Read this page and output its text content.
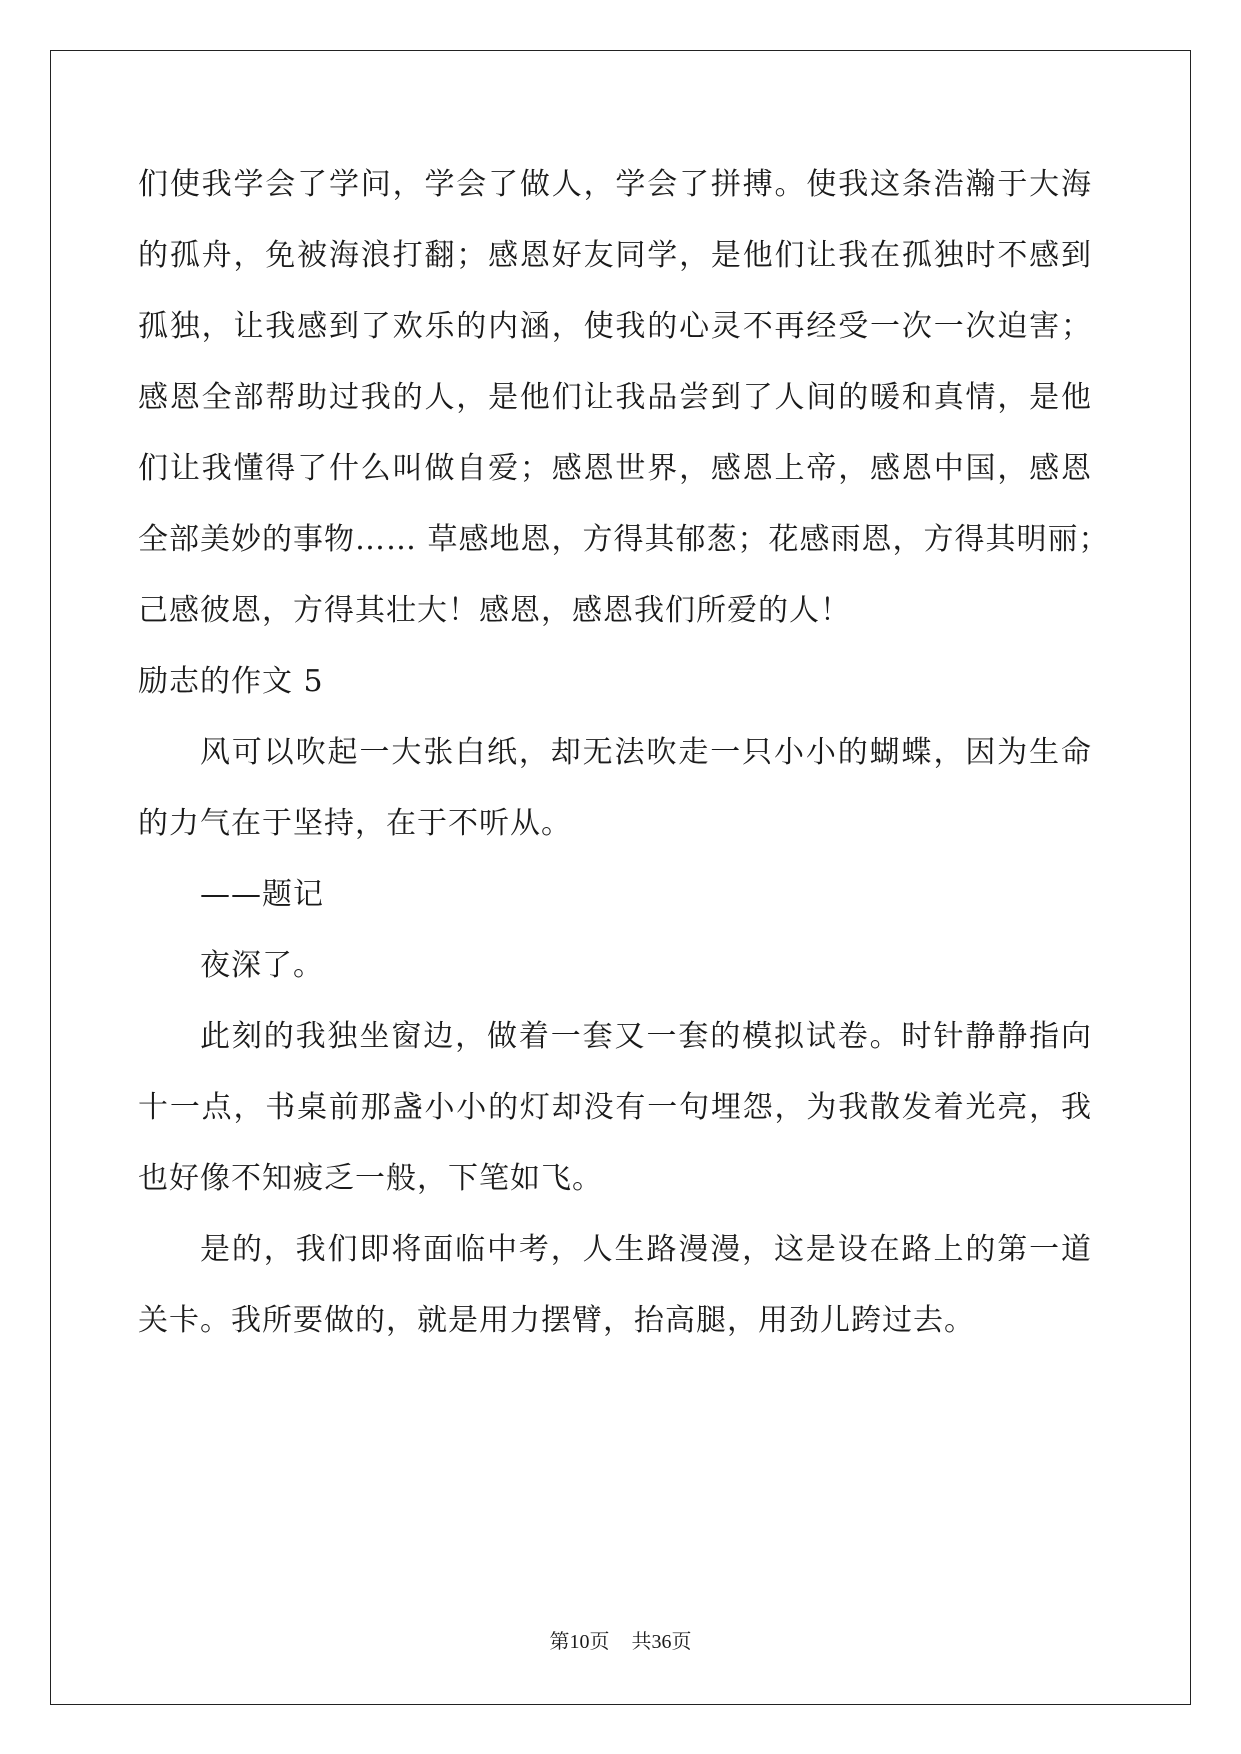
们使我学会了学问，学会了做人，学会了拼搏。使我这条浩瀚于大海
的孤舟，免被海浪打翻；感恩好友同学，是他们让我在孤独时不感到
孤独，让我感到了欢乐的内涵，使我的心灵不再经受一次一次迫害；
感恩全部帮助过我的人，是他们让我品尝到了人间的暖和真情，是他
们让我懂得了什么叫做自爱；感恩世界，感恩上帝，感恩中国，感恩
全部美妙的事物…… 草感地恩，方得其郁葱；花感雨恩，方得其明丽；
己感彼恩，方得其壮大！感恩，感恩我们所爱的人！
励志的作文 5
风可以吹起一大张白纸，却无法吹走一只小小的蝴蝶，因为生命
的力气在于坚持，在于不听从。
——题记
夜深了。
此刻的我独坐窗边，做着一套又一套的模拟试卷。时针静静指向
十一点，书桌前那盏小小的灯却没有一句埋怨，为我散发着光亮，我
也好像不知疲乏一般，下笔如飞。
是的，我们即将面临中考，人生路漫漫，这是设在路上的第一道
关卡。我所要做的，就是用力摆臂，抬高腿，用劲儿跨过去。
第10页 共36页
